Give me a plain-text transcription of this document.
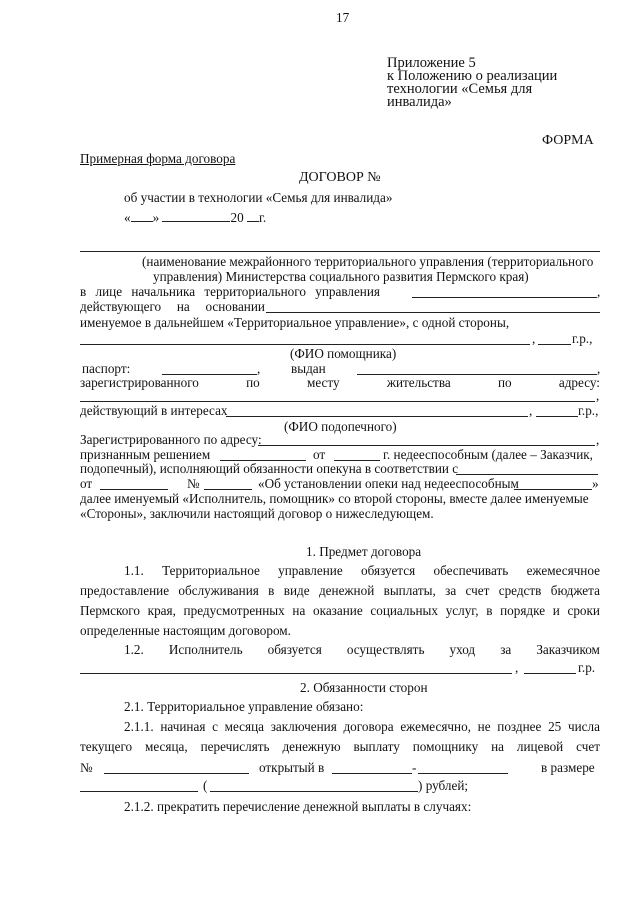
17
Приложение 5
к Положению о реализации
технологии «Семья для
инвалида»
ФОРМА
Примерная форма договора
ДОГОВОР №
об участии в технологии «Семья для инвалида»
« »	20 г.
(наименование межрайонного территориального управления (территориального
управления) Министерства социального развития Пермского края)
в лице начальника территориального управления	,
действующего на основании
именуемое в дальнейшем «Территориальное управление», с одной стороны,
,	г.р.,
(ФИО помощника)
паспорт:	, выдан	,
зарегистрированного	по	месту	жительства	по	адресу:
,
действующий в интересах	,	г.р.,
(ФИО подопечного)
Зарегистрированного по адресу:	,
признанным решением	от	г. недееспособным (далее – Заказчик,
подопечный), исполняющий обязанности опекуна в соответствии с
от	№	«Об установлении опеки над недееспособным	»
далее именуемый «Исполнитель, помощник» со второй стороны, вместе далее именуемые
«Стороны», заключили настоящий договор о нижеследующем.
1. Предмет договора
1.1. Территориальное управление обязуется обеспечивать ежемесячное
предоставление обслуживания в виде денежной выплаты, за счет средств бюджета
Пермского края, предусмотренных на оказание социальных услуг, в порядке и сроки
определенные настоящим договором.
1.2. Исполнитель обязуется осуществлять уход за Заказчиком
,	г.р.
2. Обязанности сторон
2.1. Территориальное управление обязано:
2.1.1. начиная с месяца заключения договора ежемесячно, не позднее 25 числа
текущего месяца, перечислять денежную выплату помощнику на лицевой счет
№	открытый в	-	в размере
(	) рублей;
2.1.2. прекратить перечисление денежной выплаты в случаях:
